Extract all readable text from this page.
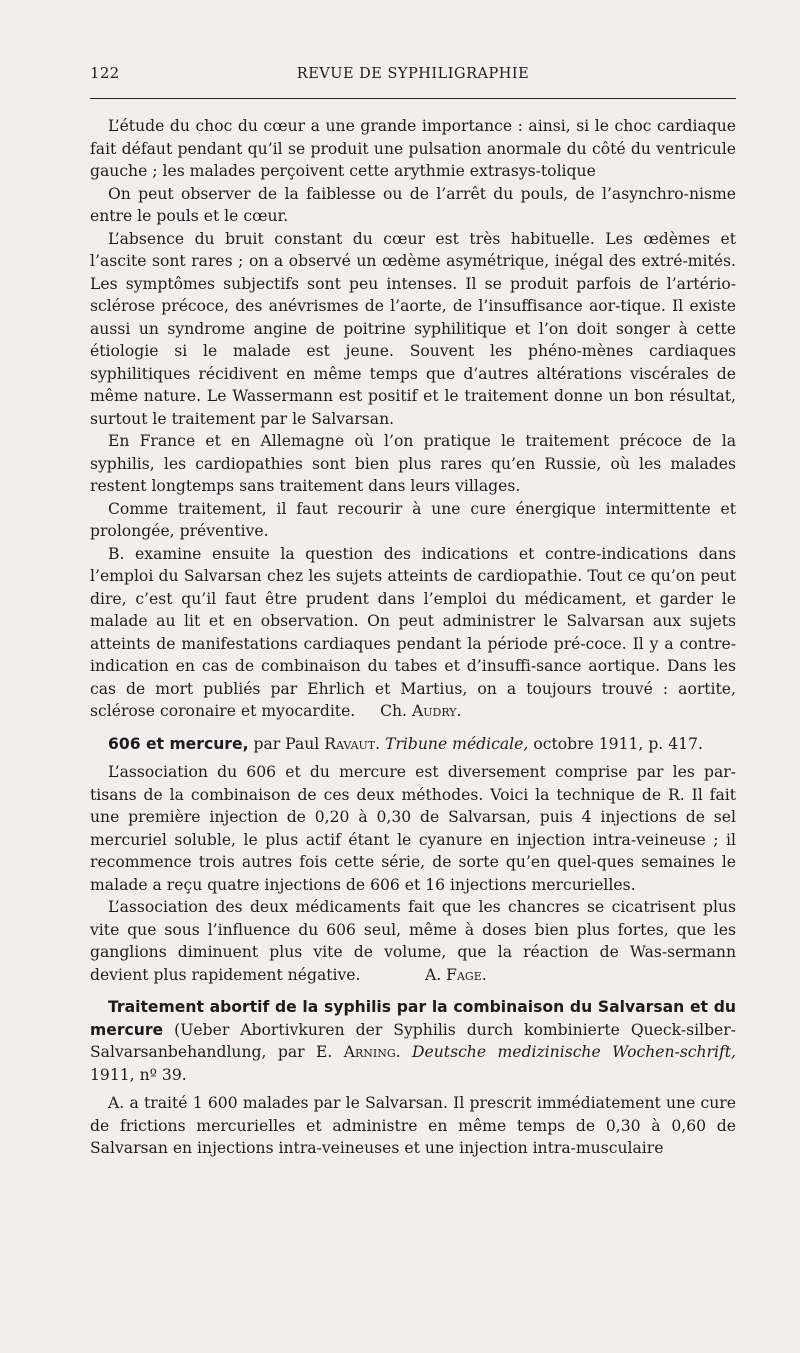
122	REVUE DE SYPHILIGRAPHIE

L’étude du choc du cœur a une grande importance : ainsi, si le choc cardiaque fait défaut pendant qu’il se produit une pulsation anormale du côté du ventricule gauche ; les malades perçoivent cette arythmie extrasys-tolique

On peut observer de la faiblesse ou de l’arrêt du pouls, de l’asynchro-nisme entre le pouls et le cœur.

L’absence du bruit constant du cœur est très habituelle. Les œdèmes et l’ascite sont rares ; on a observé un œdème asymétrique, inégal des extré-mités. Les symptômes subjectifs sont peu intenses. Il se produit parfois de l’artério-sclérose précoce, des anévrismes de l’aorte, de l’insuffisance aor-tique. Il existe aussi un syndrome angine de poitrine syphilitique et l’on doit songer à cette étiologie si le malade est jeune. Souvent les phéno-mènes cardiaques syphilitiques récidivent en même temps que d’autres altérations viscérales de même nature. Le Wassermann est positif et le traitement donne un bon résultat, surtout le traitement par le Salvarsan.

En France et en Allemagne où l’on pratique le traitement précoce de la syphilis, les cardiopathies sont bien plus rares qu’en Russie, où les malades restent longtemps sans traitement dans leurs villages.

Comme traitement, il faut recourir à une cure énergique intermittente et prolongée, préventive.

B. examine ensuite la question des indications et contre-indications dans l’emploi du Salvarsan chez les sujets atteints de cardiopathie. Tout ce qu’on peut dire, c’est qu’il faut être prudent dans l’emploi du médicament, et garder le malade au lit et en observation. On peut administrer le Salvarsan aux sujets atteints de manifestations cardiaques pendant la période pré-coce. Il y a contre-indication en cas de combinaison du tabes et d’insuffi-sance aortique. Dans les cas de mort publiés par Ehrlich et Martius, on a toujours trouvé : aortite, sclérose coronaire et myocardite. Ch. Audry.

606 et mercure, par Paul Ravaut. Tribune médicale, octobre 1911, p. 417.

L’association du 606 et du mercure est diversement comprise par les par-tisans de la combinaison de ces deux méthodes. Voici la technique de R. Il fait une première injection de 0,20 à 0,30 de Salvarsan, puis 4 injections de sel mercuriel soluble, le plus actif étant le cyanure en injection intra-veineuse ; il recommence trois autres fois cette série, de sorte qu’en quel-ques semaines le malade a reçu quatre injections de 606 et 16 injections mercurielles.

L’association des deux médicaments fait que les chancres se cicatrisent plus vite que sous l’influence du 606 seul, même à doses bien plus fortes, que les ganglions diminuent plus vite de volume, que la réaction de Was-sermann devient plus rapidement négative.	A. Fage.

Traitement abortif de la syphilis par la combinaison du Salvarsan et du mercure (Ueber Abortivkuren der Syphilis durch kombinierte Queck-silber-Salvarsanbehandlung, par E. Arning. Deutsche medizinische Wochen-schrift, 1911, nº 39.

A. a traité 1 600 malades par le Salvarsan. Il prescrit immédiatement une cure de frictions mercurielles et administre en même temps de 0,30 à 0,60 de Salvarsan en injections intra-veineuses et une injection intra-musculaire
